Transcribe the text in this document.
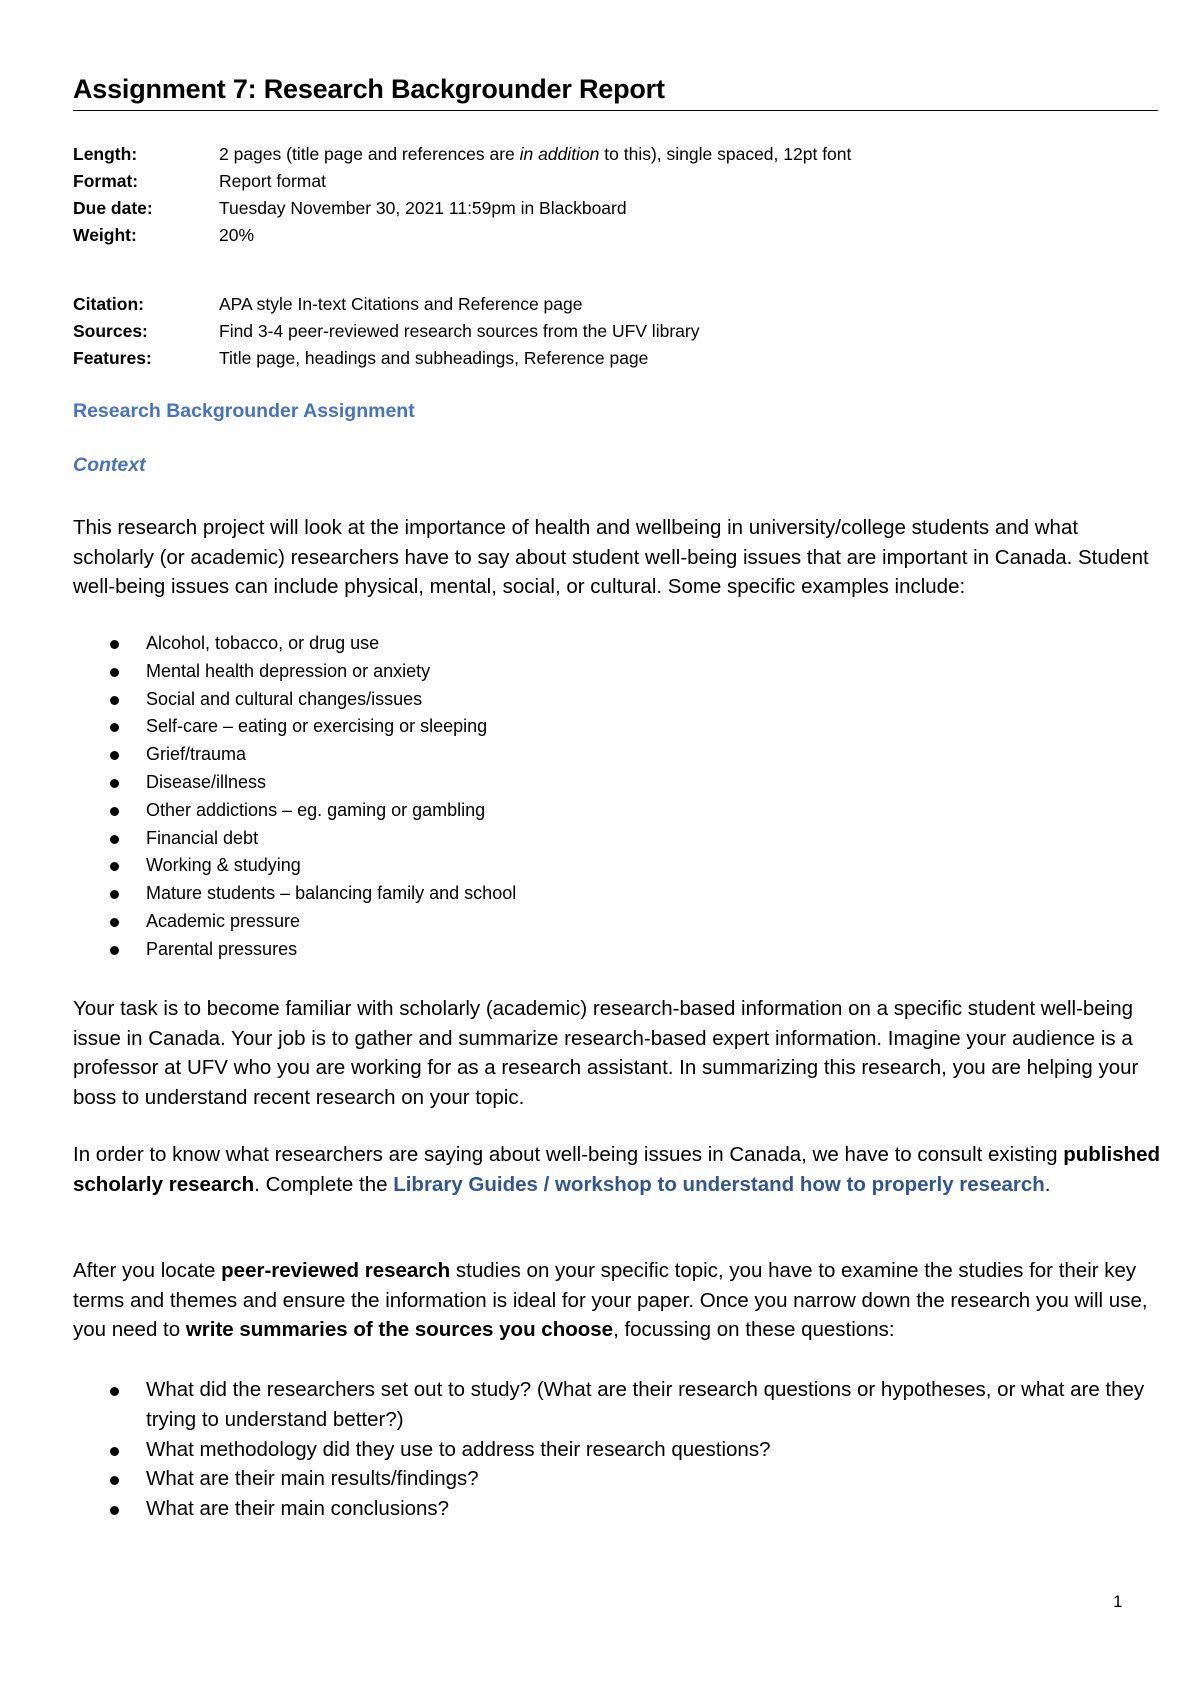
Assignment 7: Research Backgrounder Report
Length:	2 pages (title page and references are in addition to this), single spaced, 12pt font
Format:	Report format
Due date:	Tuesday November 30, 2021 11:59pm in Blackboard
Weight:	20%
Citation:	APA style In-text Citations and Reference page
Sources:	Find 3-4 peer-reviewed research sources from the UFV library
Features:	Title page, headings and subheadings, Reference page
Research Backgrounder Assignment
Context

This research project will look at the importance of health and wellbeing in university/college students and what scholarly (or academic) researchers have to say about student well-being issues that are important in Canada. Student well-being issues can include physical, mental, social, or cultural. Some specific examples include:

Alcohol, tobacco, or drug use
Mental health depression or anxiety
Social and cultural changes/issues
Self-care – eating or exercising or sleeping
Grief/trauma
Disease/illness
Other addictions – eg. gaming or gambling
Financial debt
Working & studying
Mature students – balancing family and school
Academic pressure
Parental pressures

Your task is to become familiar with scholarly (academic) research-based information on a specific student well-being issue in Canada. Your job is to gather and summarize research-based expert information. Imagine your audience is a professor at UFV who you are working for as a research assistant. In summarizing this research, you are helping your boss to understand recent research on your topic.

In order to know what researchers are saying about well-being issues in Canada, we have to consult existing published scholarly research. Complete the Library Guides / workshop to understand how to properly research.

After you locate peer-reviewed research studies on your specific topic, you have to examine the studies for their key terms and themes and ensure the information is ideal for your paper. Once you narrow down the research you will use, you need to write summaries of the sources you choose, focussing on these questions:

What did the researchers set out to study? (What are their research questions or hypotheses, or what are they trying to understand better?)
What methodology did they use to address their research questions?
What are their main results/findings?
What are their main conclusions?
1
